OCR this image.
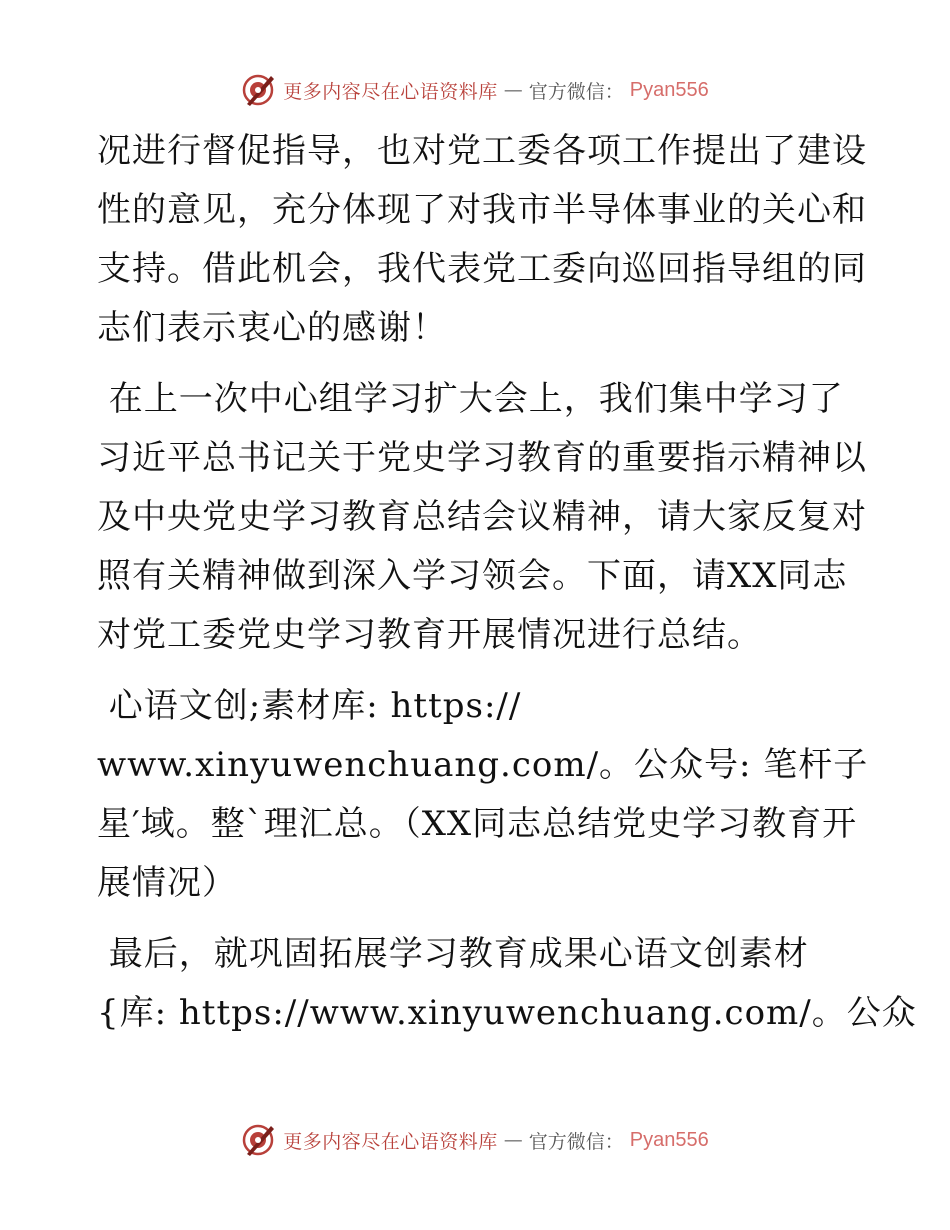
更多内容尽在心语资料库 — 官方微信： Pyan556
况进行督促指导，也对党工委各项工作提出了建设
性的意见，充分体现了对我市半导体事业的关心和
支持。借此机会，我代表党工委向巡回指导组的同
志们表示衷心的感谢！
在上一次中心组学习扩大会上，我们集中学习了
习近平总书记关于党史学习教育的重要指示精神以
及中央党史学习教育总结会议精神，请大家反复对
照有关精神做到深入学习领会。下面，请XX同志
对党工委党史学习教育开展情况进行总结。
心语文创;素材库: https://
www.xinyuwenchuang.com/。公众号: 笔杆子
星′域。整`理汇总。（XX同志总结党史学习教育开
展情况）
最后，就巩固拓展学习教育成果心语文创素材
{库: https://www.xinyuwenchuang.com/。公众
更多内容尽在心语资料库 — 官方微信： Pyan556
